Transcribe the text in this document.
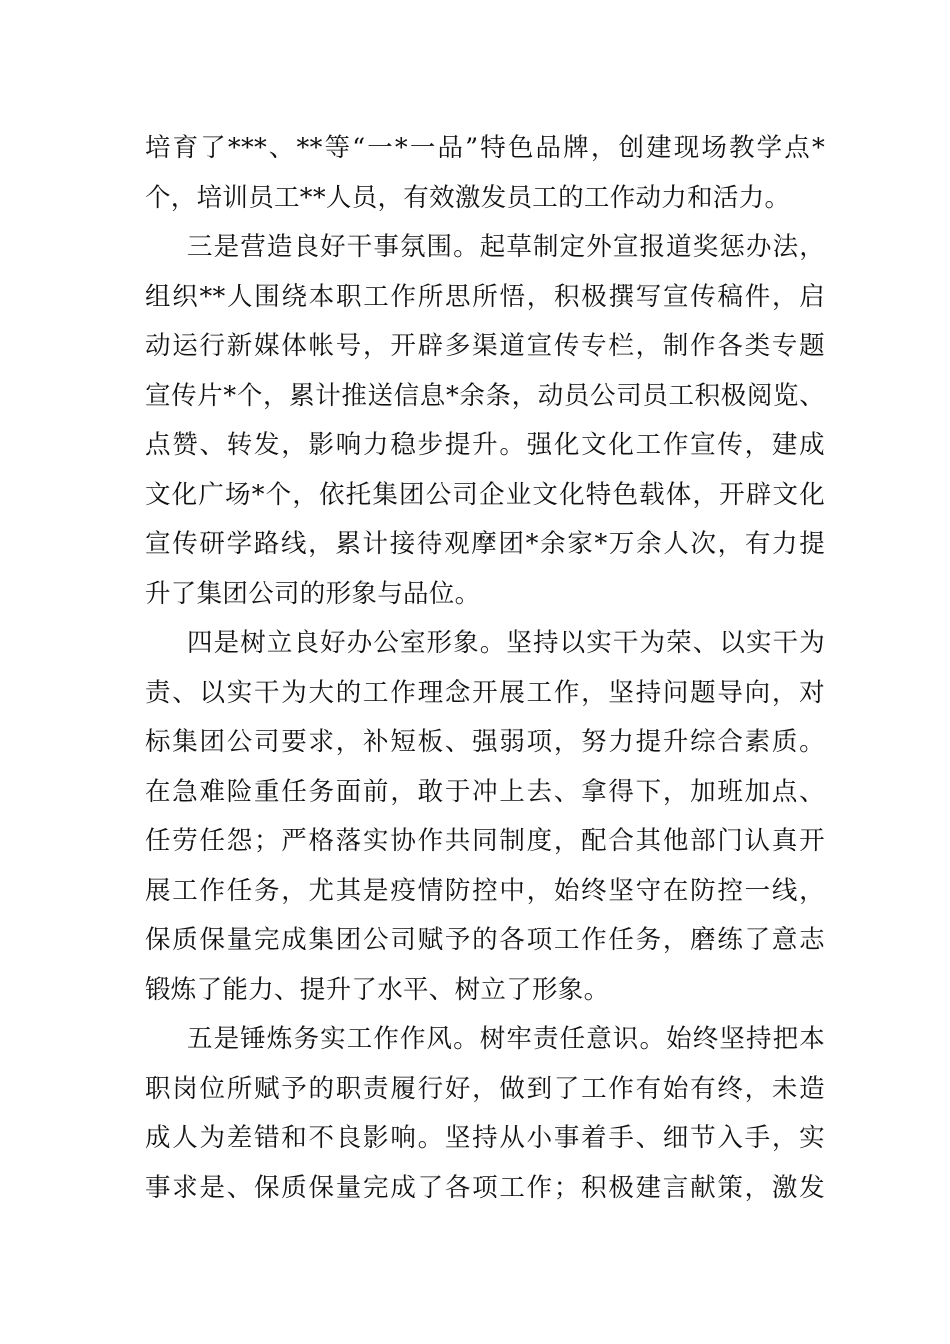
培育了***、**等“一*一品”特色品牌，创建现场教学点*
个，培训员工**人员，有效激发员工的工作动力和活力。
三是营造良好干事氛围。起草制定外宣报道奖惩办法，
组织**人围绕本职工作所思所悟，积极撰写宣传稿件，启
动运行新媒体帐号，开辟多渠道宣传专栏，制作各类专题
宣传片*个，累计推送信息*余条，动员公司员工积极阅览、
点赞、转发，影响力稳步提升。强化文化工作宣传，建成
文化广场*个，依托集团公司企业文化特色载体，开辟文化
宣传研学路线，累计接待观摩团*余家*万余人次，有力提
升了集团公司的形象与品位。
四是树立良好办公室形象。坚持以实干为荣、以实干为
责、以实干为大的工作理念开展工作，坚持问题导向，对
标集团公司要求，补短板、强弱项，努力提升综合素质。
在急难险重任务面前，敢于冲上去、拿得下，加班加点、
任劳任怨；严格落实协作共同制度，配合其他部门认真开
展工作任务，尤其是疫情防控中，始终坚守在防控一线，
保质保量完成集团公司赋予的各项工作任务，磨练了意志
锻炼了能力、提升了水平、树立了形象。
五是锤炼务实工作作风。树牢责任意识。始终坚持把本
职岗位所赋予的职责履行好，做到了工作有始有终，未造
成人为差错和不良影响。坚持从小事着手、细节入手，实
事求是、保质保量完成了各项工作；积极建言献策，激发
